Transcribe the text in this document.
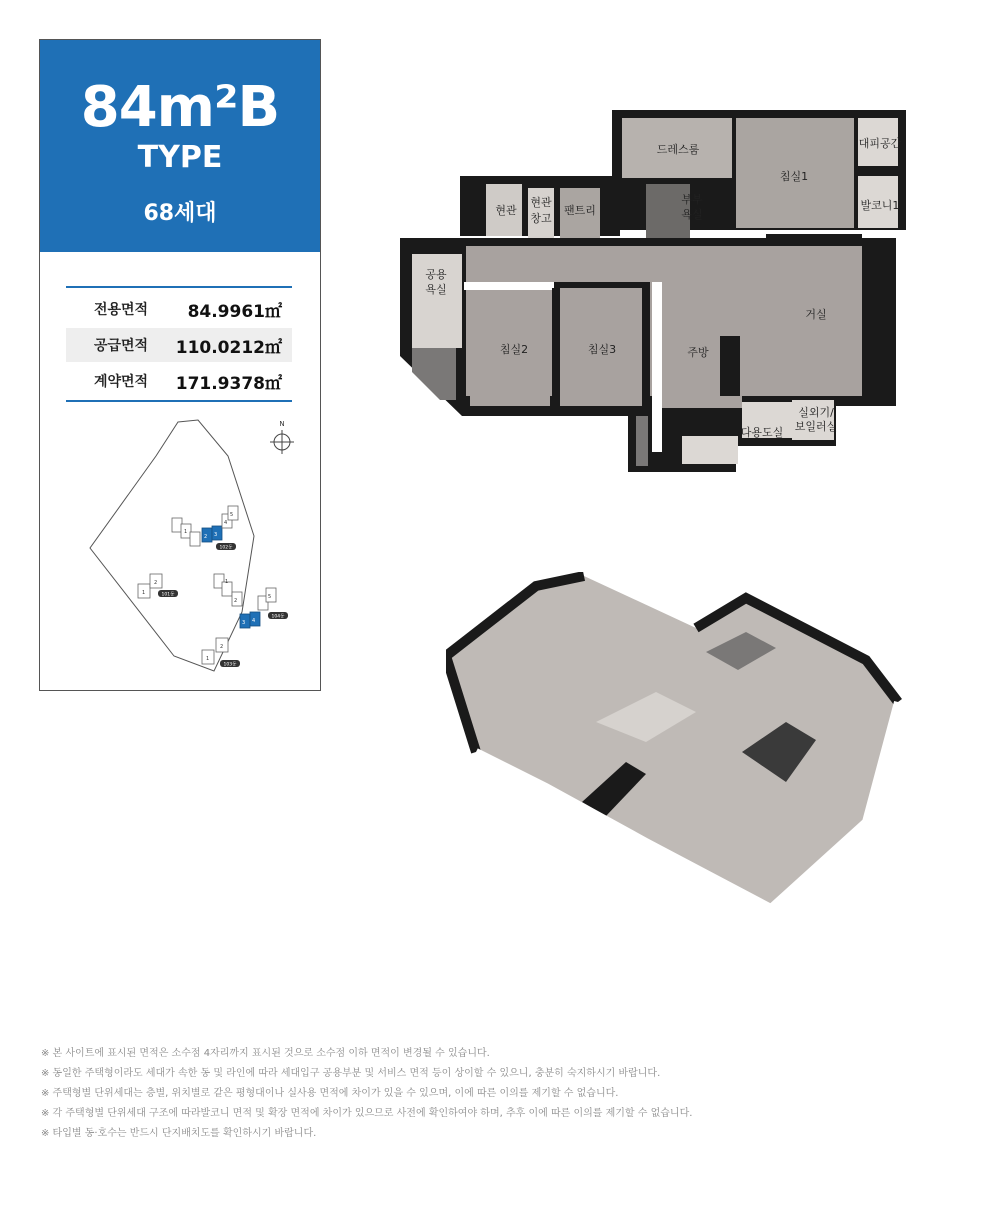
84m²B
TYPE
68세대
전용면적	84.9961㎡
공급면적	110.0212㎡
계약면적	171.9378㎡
N
1
2 3
4
5
102동
1
2
101동
1
2
3 4
5
104동
1
2
103동
드레스룸
침실1
대피공간
발코니1
현관
현관
창고
팬트리
부부
욕실
공용
욕실
침실2	침실3	주방
거실
실외기/
보일러실
다용도실
※ 본 사이트에 표시된 면적은 소수점 4자리까지 표시된 것으로 소수점 이하 면적이 변경될 수 있습니다.
※ 동일한 주택형이라도 세대가 속한 동 및 라인에 따라 세대입구 공용부분 및 서비스 면적 등이 상이할 수 있으니, 충분히 숙지하시기 바랍니다.
※ 주택형별 단위세대는 층별, 위치별로 같은 평형대이나 실사용 면적에 차이가 있을 수 있으며, 이에 따른 이의를 제기할 수 없습니다.
※ 각 주택형별 단위세대 구조에 따라발코니 면적 및 확장 면적에 차이가 있으므로 사전에 확인하여야 하며, 추후 이에 따른 이의를 제기할 수 없습니다.
※ 타입별 동·호수는 반드시 단지배치도를 확인하시기 바랍니다.
